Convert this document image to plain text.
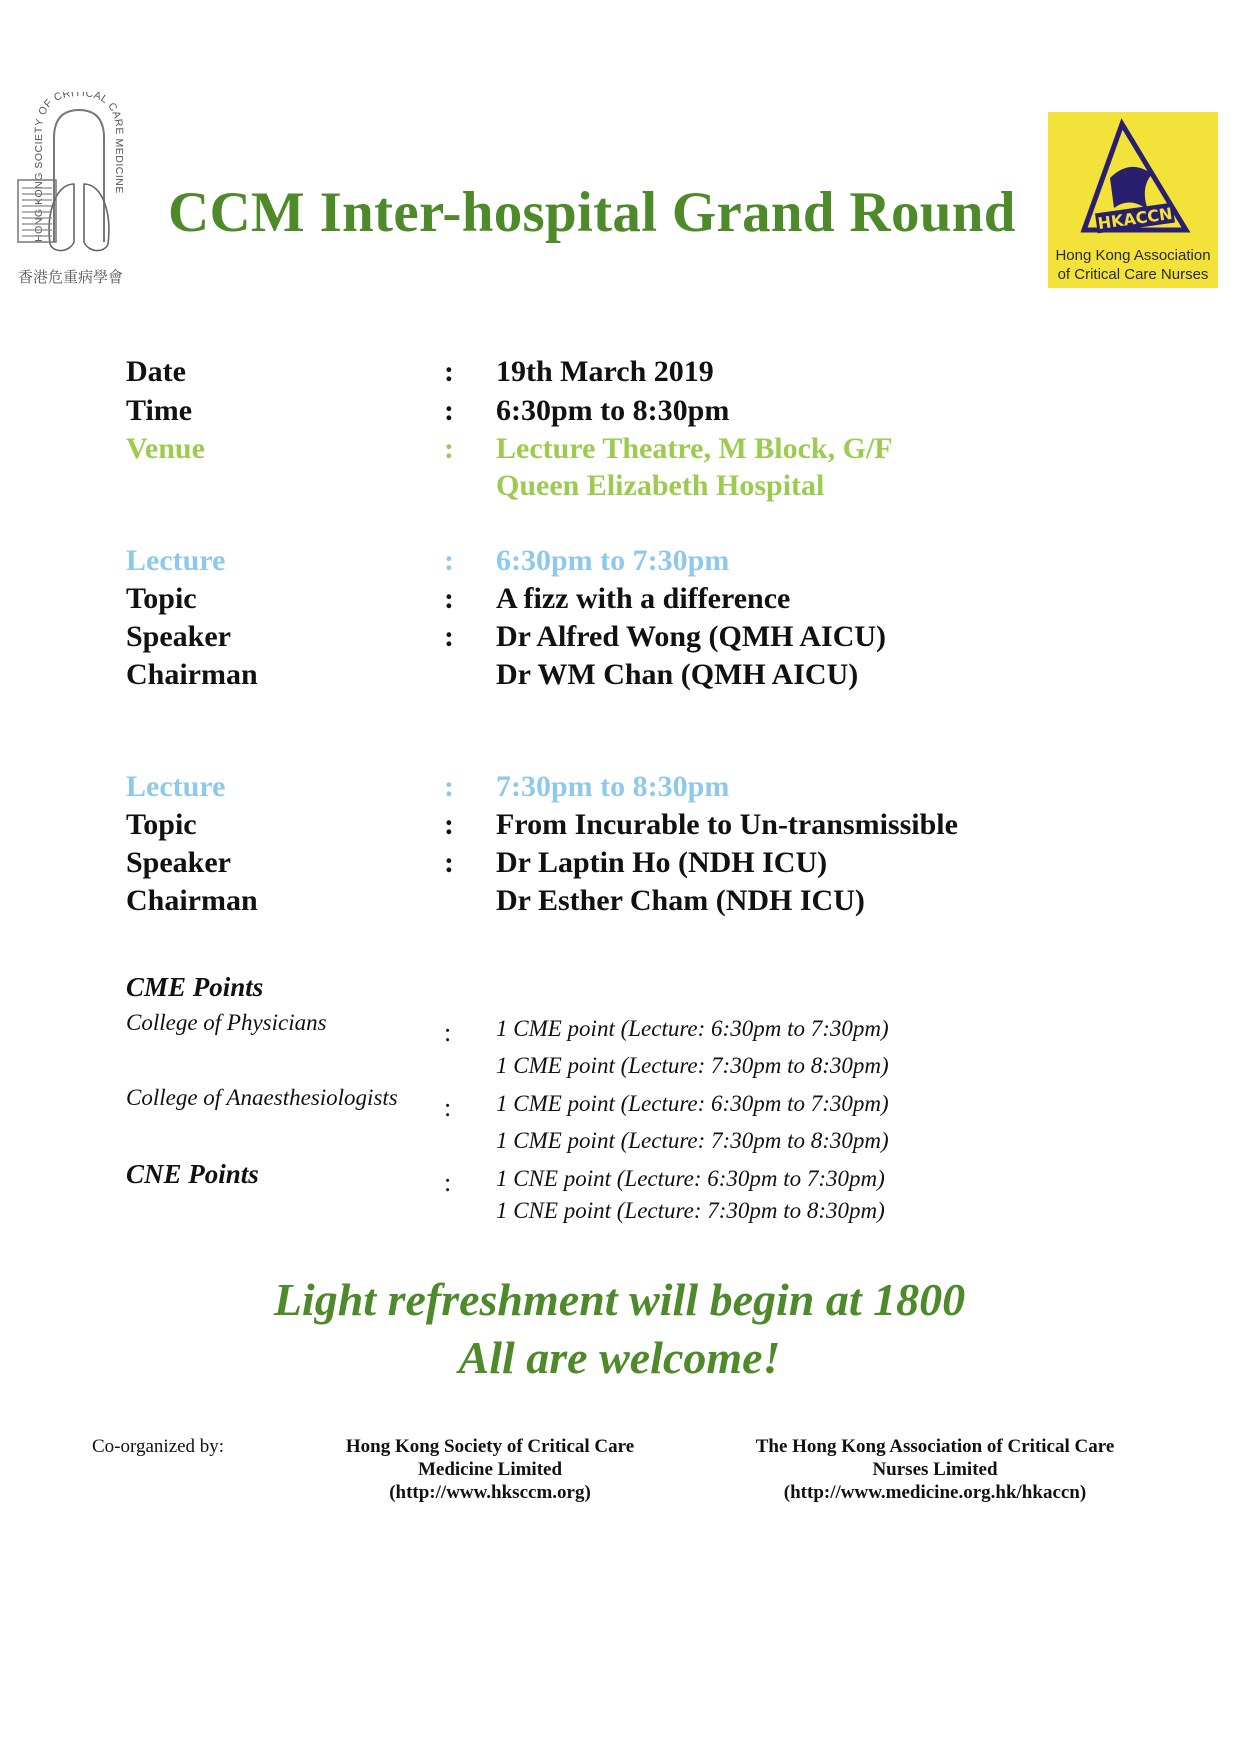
HONG KONG SOCIETY OF CRITICAL CARE MEDICINE
香港危重病學會
CCM Inter-hospital Grand Round	HKACCN
Hong Kong Association
of Critical Care Nurses
Date	: 19th March 2019
Time	: 6:30pm to 8:30pm
Venue	: Lecture Theatre, M Block, G/F
Queen Elizabeth Hospital
Lecture	: 6:30pm to 7:30pm
Topic	: A fizz with a difference
Speaker	: Dr Alfred Wong (QMH AICU)
Chairman	Dr WM Chan (QMH AICU)
Lecture	: 7:30pm to 8:30pm
Topic	: From Incurable to Un-transmissible
Speaker	: Dr Laptin Ho (NDH ICU)
Chairman	Dr Esther Cham (NDH ICU)
CME Points
College of Physicians	: 1 CME point (Lecture: 6:30pm to 7:30pm)
1 CME point (Lecture: 7:30pm to 8:30pm)
College of Anaesthesiologists : 1 CME point (Lecture: 6:30pm to 7:30pm)
1 CME point (Lecture: 7:30pm to 8:30pm)
CNE Points	: 1 CNE point (Lecture: 6:30pm to 7:30pm)
1 CNE point (Lecture: 7:30pm to 8:30pm)
Light refreshment will begin at 1800
All are welcome!
Co-organized by:	Hong Kong Society of Critical Care
Medicine Limited
(http://www.hksccm.org)
The Hong Kong Association of Critical Care
Nurses Limited
(http://www.medicine.org.hk/hkaccn)
